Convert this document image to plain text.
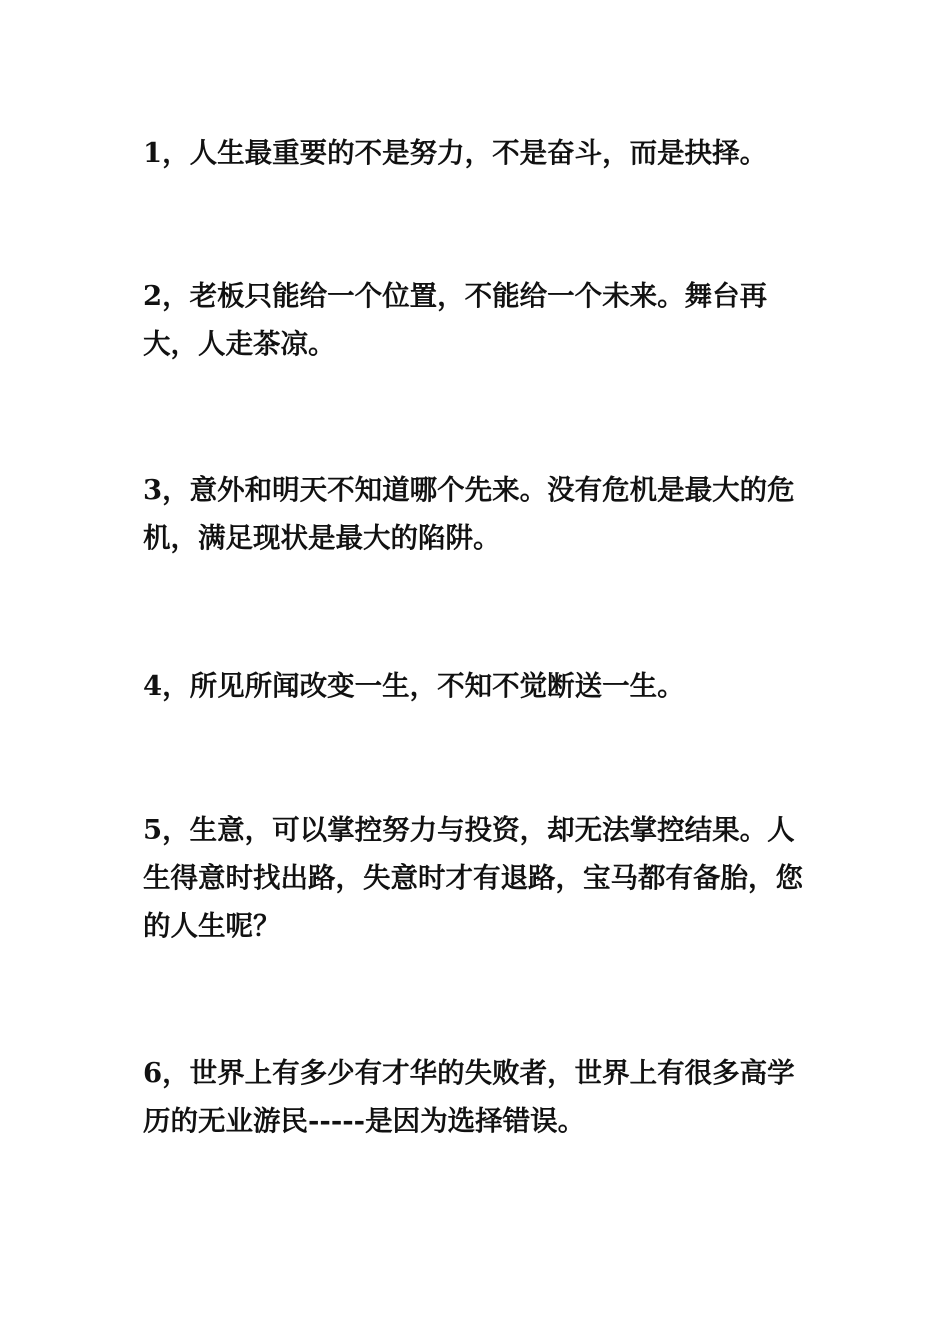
1，人生最重要的不是努力，不是奋斗，而是抉择。

2，老板只能给一个位置，不能给一个未来。舞台再大，人走茶凉。

3，意外和明天不知道哪个先来。没有危机是最大的危机，满足现状是最大的陷阱。

4，所见所闻改变一生，不知不觉断送一生。

5，生意，可以掌控努力与投资，却无法掌控结果。人生得意时找出路，失意时才有退路，宝马都有备胎，您的人生呢？

6，世界上有多少有才华的失败者，世界上有很多高学历的无业游民-----是因为选择错误。
